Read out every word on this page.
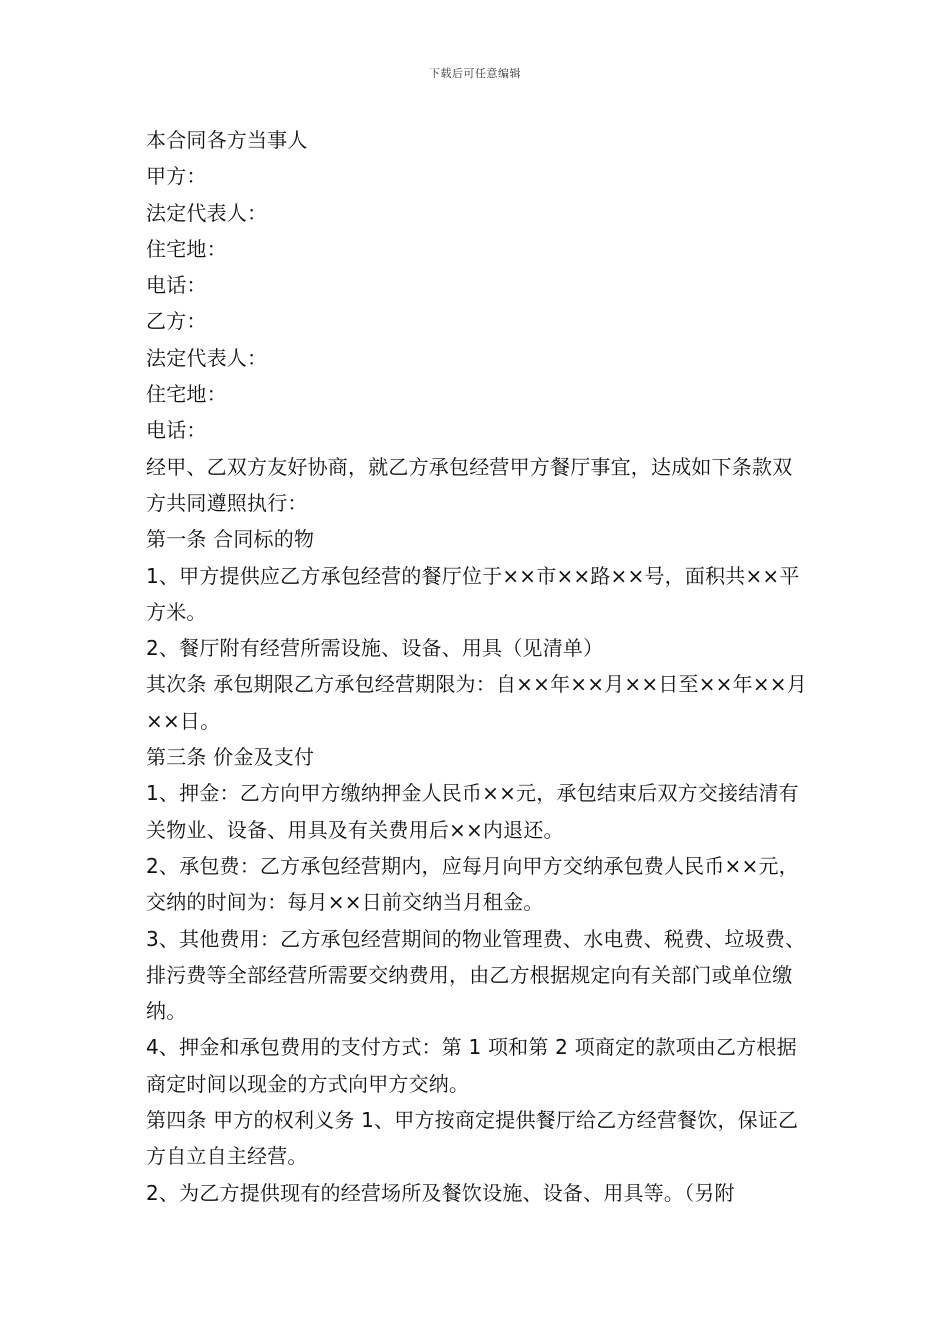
下载后可任意编辑

本合同各方当事人

甲方：

法定代表人：

住宅地：

电话：

乙方：

法定代表人：

住宅地：

电话：

经甲、乙双方友好协商，就乙方承包经营甲方餐厅事宜，达成如下条款双方共同遵照执行：

第一条 合同标的物

1、甲方提供应乙方承包经营的餐厅位于××市××路××号，面积共××平方米。

2、餐厅附有经营所需设施、设备、用具（见清单）

其次条 承包期限乙方承包经营期限为：自××年××月××日至××年××月××日。

第三条 价金及支付

1、押金：乙方向甲方缴纳押金人民币××元，承包结束后双方交接结清有关物业、设备、用具及有关费用后××内退还。

2、承包费：乙方承包经营期内，应每月向甲方交纳承包费人民币××元，交纳的时间为：每月××日前交纳当月租金。

3、其他费用：乙方承包经营期间的物业管理费、水电费、税费、垃圾费、排污费等全部经营所需要交纳费用，由乙方根据规定向有关部门或单位缴纳。

4、押金和承包费用的支付方式：第 1 项和第 2 项商定的款项由乙方根据商定时间以现金的方式向甲方交纳。

第四条 甲方的权利义务 1、甲方按商定提供餐厅给乙方经营餐饮，保证乙方自立自主经营。

2、为乙方提供现有的经营场所及餐饮设施、设备、用具等。（另附
